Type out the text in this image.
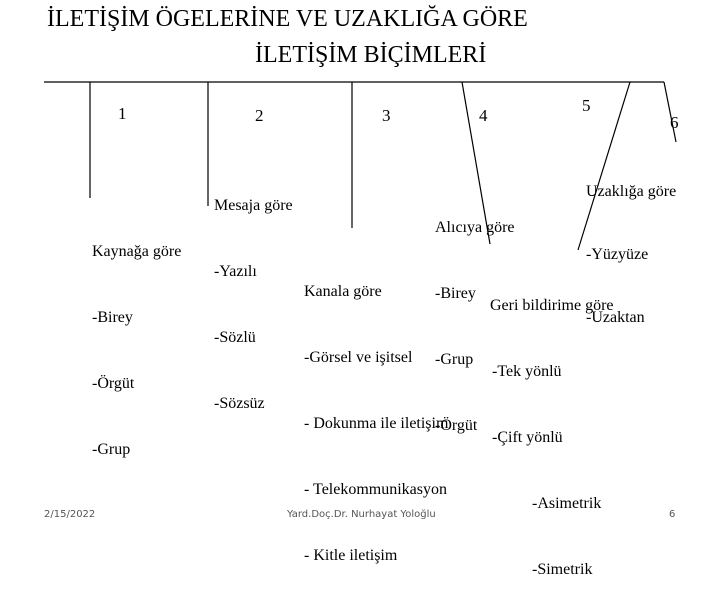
İLETİŞİM ÖGELERİNE VE UZAKLIĞA GÖRE
İLETİŞİM BİÇİMLERİ
1	2	3	4
5
6

Kaynağa göre

-Birey

-Örgüt

-Grup

Mesaja göre

-Yazılı

-Sözlü

-Sözsüz

Kanala göre

-Görsel ve işitsel

- Dokunma ile iletişim

- Telekommunikasyon

- Kitle iletişim

Alıcıya göre

-Birey

-Grup

-Örgüt

Geri bildirime göre

-Tek yönlü

-Çift yönlü

-Asimetrik

-Simetrik

Uzaklığa göre

-Yüzyüze

-Uzaktan

2/15/2022	Yard.Doç.Dr. Nurhayat Yoloğlu	6
